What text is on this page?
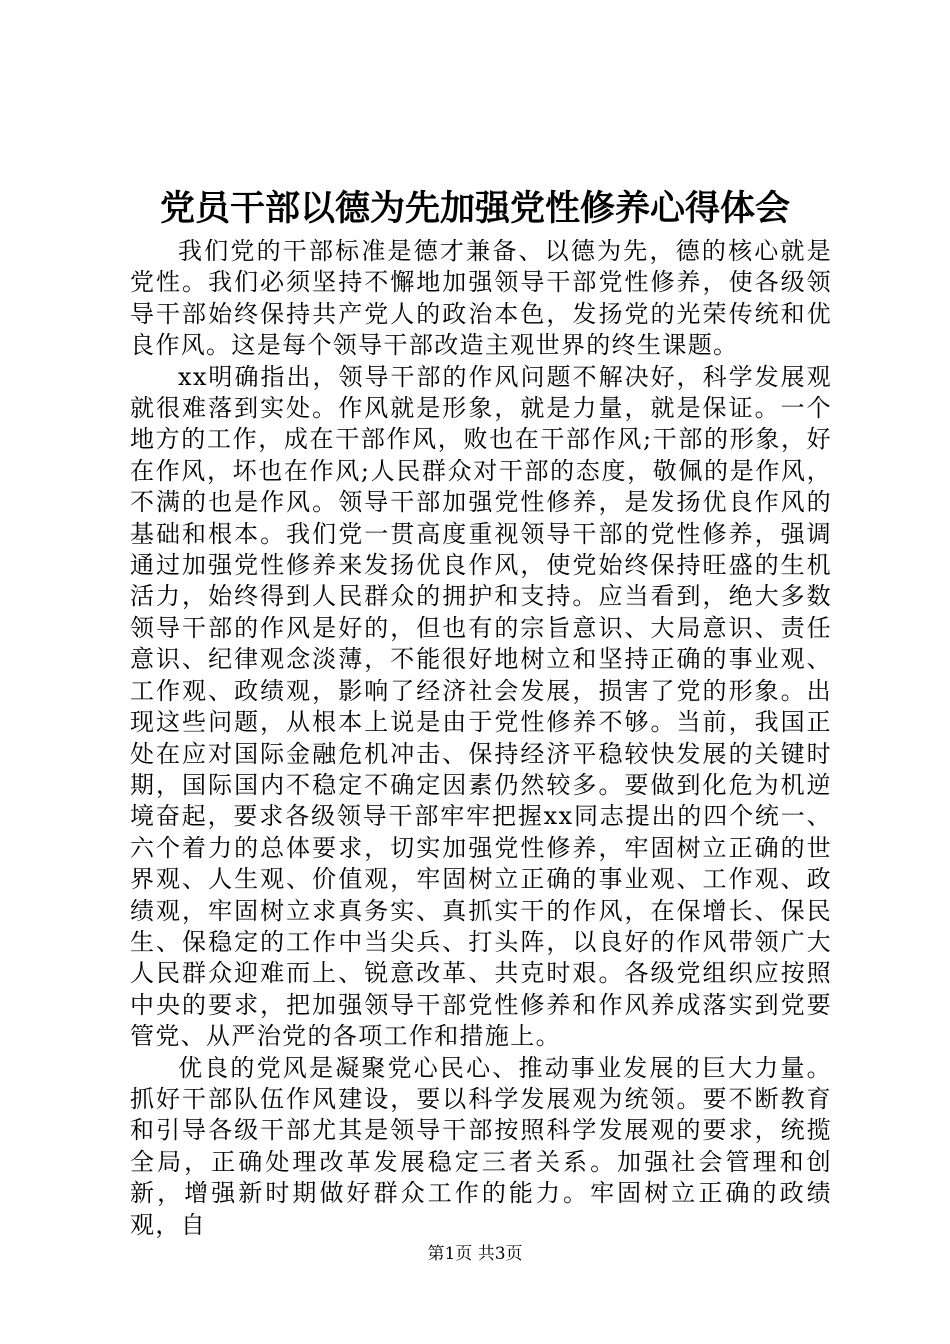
党员干部以德为先加强党性修养心得体会

我们党的干部标准是德才兼备、以德为先，德的核心就是党性。我们必须坚持不懈地加强领导干部党性修养，使各级领导干部始终保持共产党人的政治本色，发扬党的光荣传统和优良作风。这是每个领导干部改造主观世界的终生课题。

xx明确指出，领导干部的作风问题不解决好，科学发展观就很难落到实处。作风就是形象，就是力量，就是保证。一个地方的工作，成在干部作风，败也在干部作风;干部的形象，好在作风，坏也在作风;人民群众对干部的态度，敬佩的是作风，不满的也是作风。领导干部加强党性修养，是发扬优良作风的基础和根本。我们党一贯高度重视领导干部的党性修养，强调通过加强党性修养来发扬优良作风，使党始终保持旺盛的生机活力，始终得到人民群众的拥护和支持。应当看到，绝大多数领导干部的作风是好的，但也有的宗旨意识、大局意识、责任意识、纪律观念淡薄，不能很好地树立和坚持正确的事业观、工作观、政绩观，影响了经济社会发展，损害了党的形象。出现这些问题，从根本上说是由于党性修养不够。当前，我国正处在应对国际金融危机冲击、保持经济平稳较快发展的关键时期，国际国内不稳定不确定因素仍然较多。要做到化危为机逆境奋起，要求各级领导干部牢牢把握xx同志提出的四个统一、六个着力的总体要求，切实加强党性修养，牢固树立正确的世界观、人生观、价值观，牢固树立正确的事业观、工作观、政绩观，牢固树立求真务实、真抓实干的作风，在保增长、保民生、保稳定的工作中当尖兵、打头阵，以良好的作风带领广大人民群众迎难而上、锐意改革、共克时艰。各级党组织应按照中央的要求，把加强领导干部党性修养和作风养成落实到党要管党、从严治党的各项工作和措施上。

优良的党风是凝聚党心民心、推动事业发展的巨大力量。抓好干部队伍作风建设，要以科学发展观为统领。要不断教育和引导各级干部尤其是领导干部按照科学发展观的要求，统揽全局，正确处理改革发展稳定三者关系。加强社会管理和创新，增强新时期做好群众工作的能力。牢固树立正确的政绩观，自

第1页 共3页
